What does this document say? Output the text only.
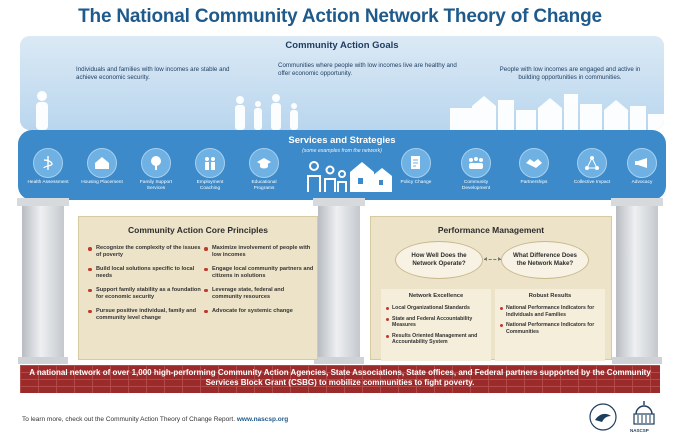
The National Community Action Network Theory of Change
Community Action Goals
Individuals and families with low incomes are stable and achieve economic security.
Communities where people with low incomes live are healthy and offer economic opportunity.
People with low incomes are engaged and active in building opportunities in communities.
Services and Strategies
(some examples from the network)
Health Assessment	Housing Placement	Family Support Services
Employment Coaching
Educational Programs
Policy Change	Community Development
Partnerships	Collective Impact	Advocacy
Community Action Core Principles
Recognize the complexity of the issues of poverty
Build local solutions specific to local needs
Support family stability as a foundation for economic security
Pursue positive individual, family and community level change
Maximize involvement of people with low incomes
Engage local community partners and citizens in solutions
Leverage state, federal and community resources
Advocate for systemic change
Performance Management
How Well Does the Network Operate?
What Difference Does the Network Make?
Network Excellence
Local Organizational Standards
State and Federal Accountability Measures
Results Oriented Management and Accountability System
Robust Results
National Performance Indicators for Individuals and Families
National Performance Indicators for Communities
A national network of over 1,000 high-performing Community Action Agencies, State Associations, State offices, and Federal partners supported by the Community Services Block Grant (CSBG) to mobilize communities to fight poverty.
To learn more, check out the Community Action Theory of Change Report. www.nascsp.org
NASCSP
